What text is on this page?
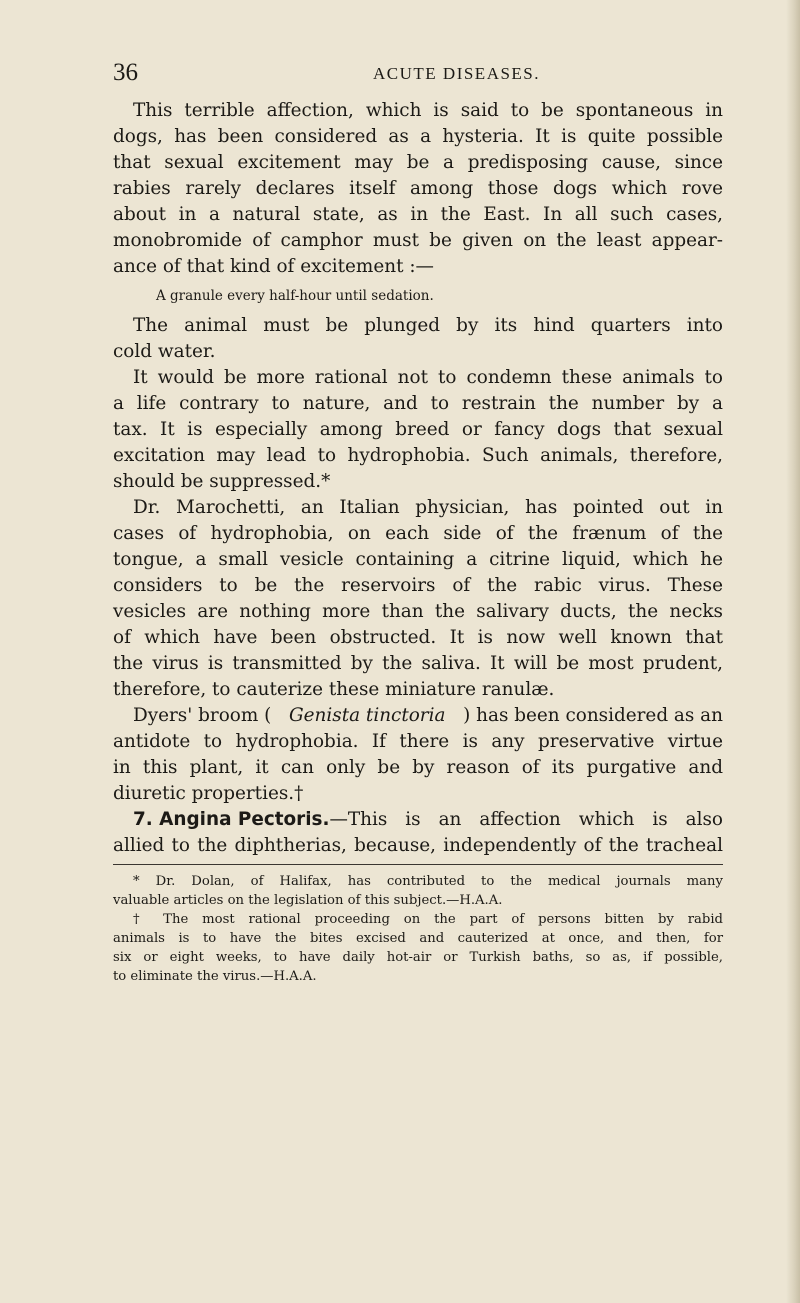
36	ACUTE DISEASES.
This terrible affection, which is said to be spontaneous in
dogs, has been considered as a hysteria. It is quite possible
that sexual excitement may be a predisposing cause, since
rabies rarely declares itself among those dogs which rove
about in a natural state, as in the East. In all such cases,
monobromide of camphor must be given on the least appear-
ance of that kind of excitement :—
A granule every half-hour until sedation.
The animal must be plunged by its hind quarters into
cold water.
It would be more rational not to condemn these animals to
a life contrary to nature, and to restrain the number by a
tax. It is especially among breed or fancy dogs that sexual
excitation may lead to hydrophobia. Such animals, therefore,
should be suppressed.*
Dr. Marochetti, an Italian physician, has pointed out in
cases of hydrophobia, on each side of the frænum of the
tongue, a small vesicle containing a citrine liquid, which he
considers to be the reservoirs of the rabic virus. These
vesicles are nothing more than the salivary ducts, the necks
of which have been obstructed. It is now well known that
the virus is transmitted by the saliva. It will be most prudent,
therefore, to cauterize these miniature ranulæ.
Dyers' broom ( Genista tinctoria ) has been considered as an
antidote to hydrophobia. If there is any preservative virtue
in this plant, it can only be by reason of its purgative and
diuretic properties.†
7. Angina Pectoris. —This is an affection which is also
allied to the diphtherias, because, independently of the tracheal
* Dr. Dolan, of Halifax, has contributed to the medical journals many
valuable articles on the legislation of this subject.—H.A.A.
† The most rational proceeding on the part of persons bitten by rabid
animals is to have the bites excised and cauterized at once, and then, for
six or eight weeks, to have daily hot-air or Turkish baths, so as, if possible,
to eliminate the virus.—H.A.A.
